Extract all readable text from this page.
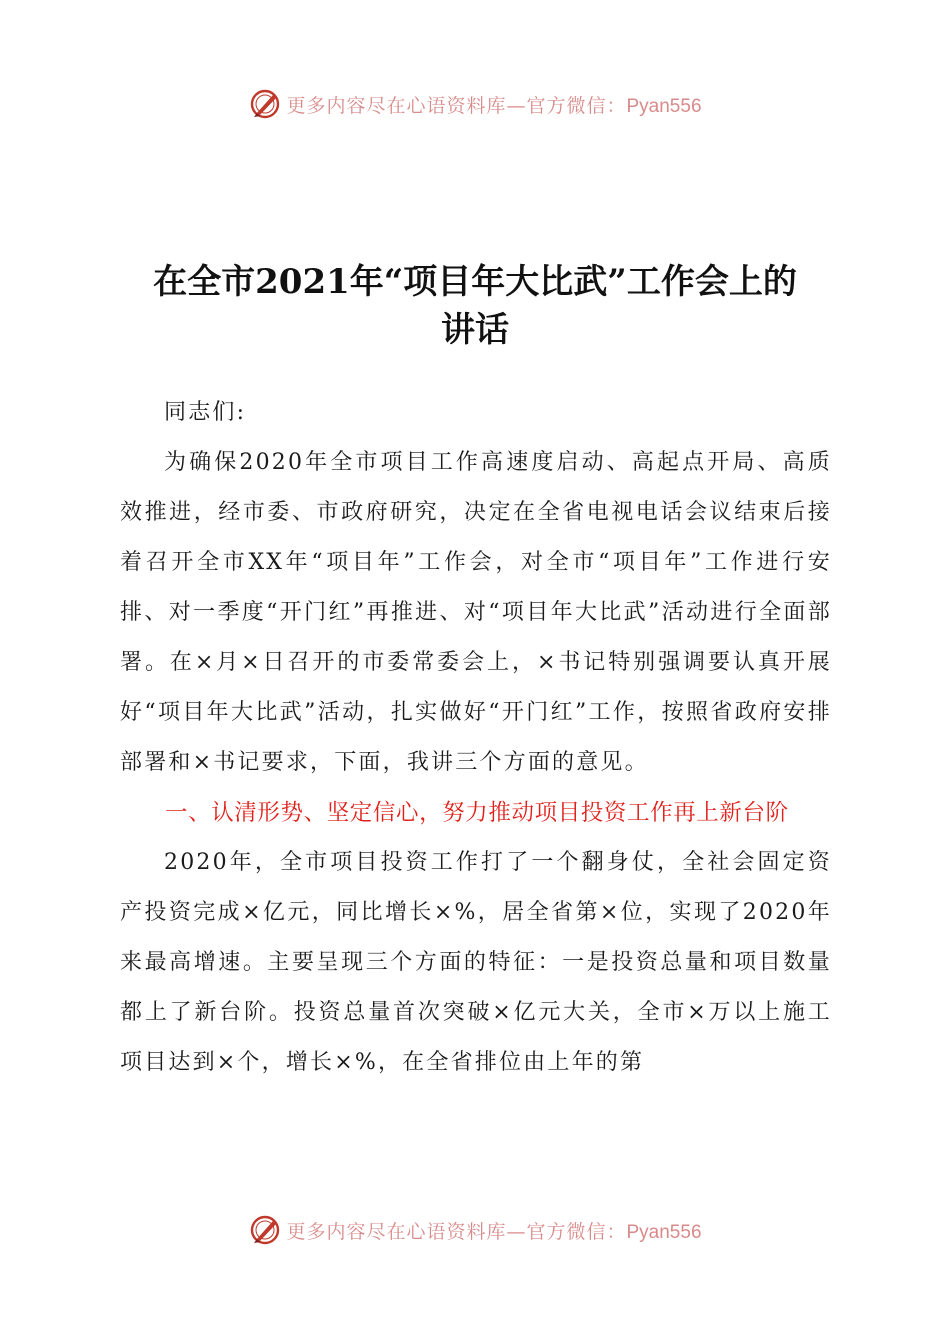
更多内容尽在心语资料库—官方微信：Pyan556
在全市2021年“项目年大比武”工作会上的
讲话

同志们:

为确保2020年全市项目工作高速度启动、高起点开局、高质效推进，经市委、市政府研究，决定在全省电视电话会议结束后接着召开全市XX年“项目年”工作会，对全市“项目年”工作进行安排、对一季度“开门红”再推进、对“项目年大比武”活动进行全面部署。在×月×日召开的市委常委会上，×书记特别强调要认真开展好“项目年大比武”活动，扎实做好“开门红”工作，按照省政府安排部署和×书记要求，下面，我讲三个方面的意见。

一、认清形势、坚定信心，努力推动项目投资工作再上新台阶

2020年，全市项目投资工作打了一个翻身仗，全社会固定资产投资完成×亿元，同比增长×%，居全省第×位，实现了2020年来最高增速。主要呈现三个方面的特征：一是投资总量和项目数量都上了新台阶。投资总量首次突破×亿元大关，全市×万以上施工项目达到×个，增长×%，在全省排位由上年的第

更多内容尽在心语资料库—官方微信：Pyan556
